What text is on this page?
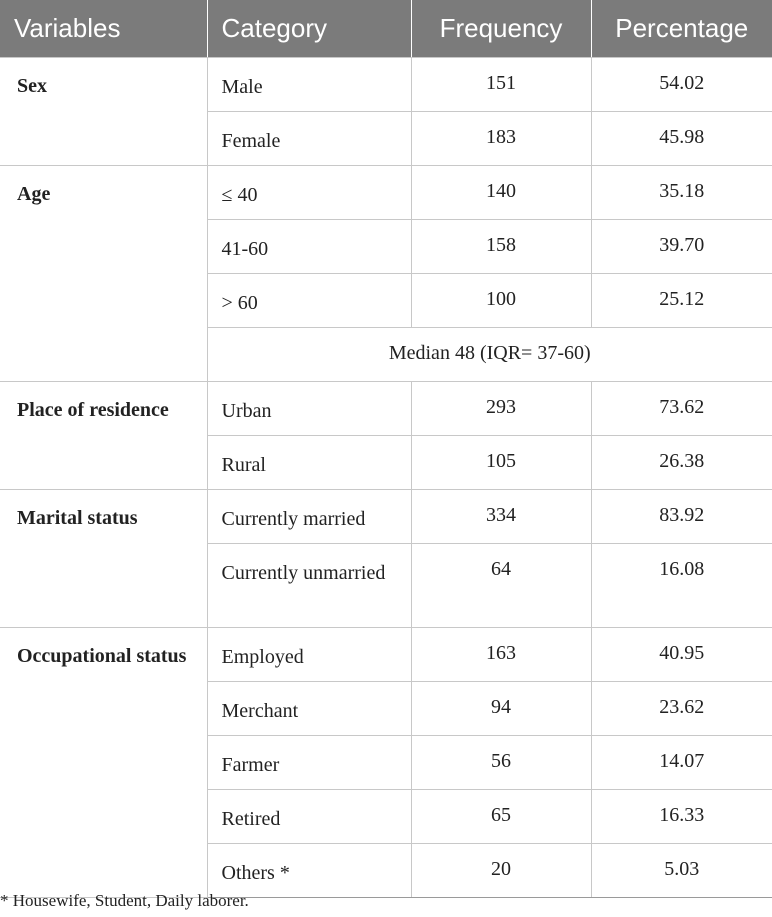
Variables	Category	Frequency	Percentage
Sex	Male	151	54.02
	Female	183	45.98
Age	≤ 40	140	35.18
	41-60	158	39.70
	> 60	100	25.12
	Median 48 (IQR= 37-60)		
Place of residence	Urban	293	73.62
	Rural	105	26.38
Marital status	Currently married	334	83.92
	Currently unmarried	64	16.08
Occupational status	Employed	163	40.95
	Merchant	94	23.62
	Farmer	56	14.07
	Retired	65	16.33
	Others *	20	5.03
* Housewife, Student, Daily laborer.
